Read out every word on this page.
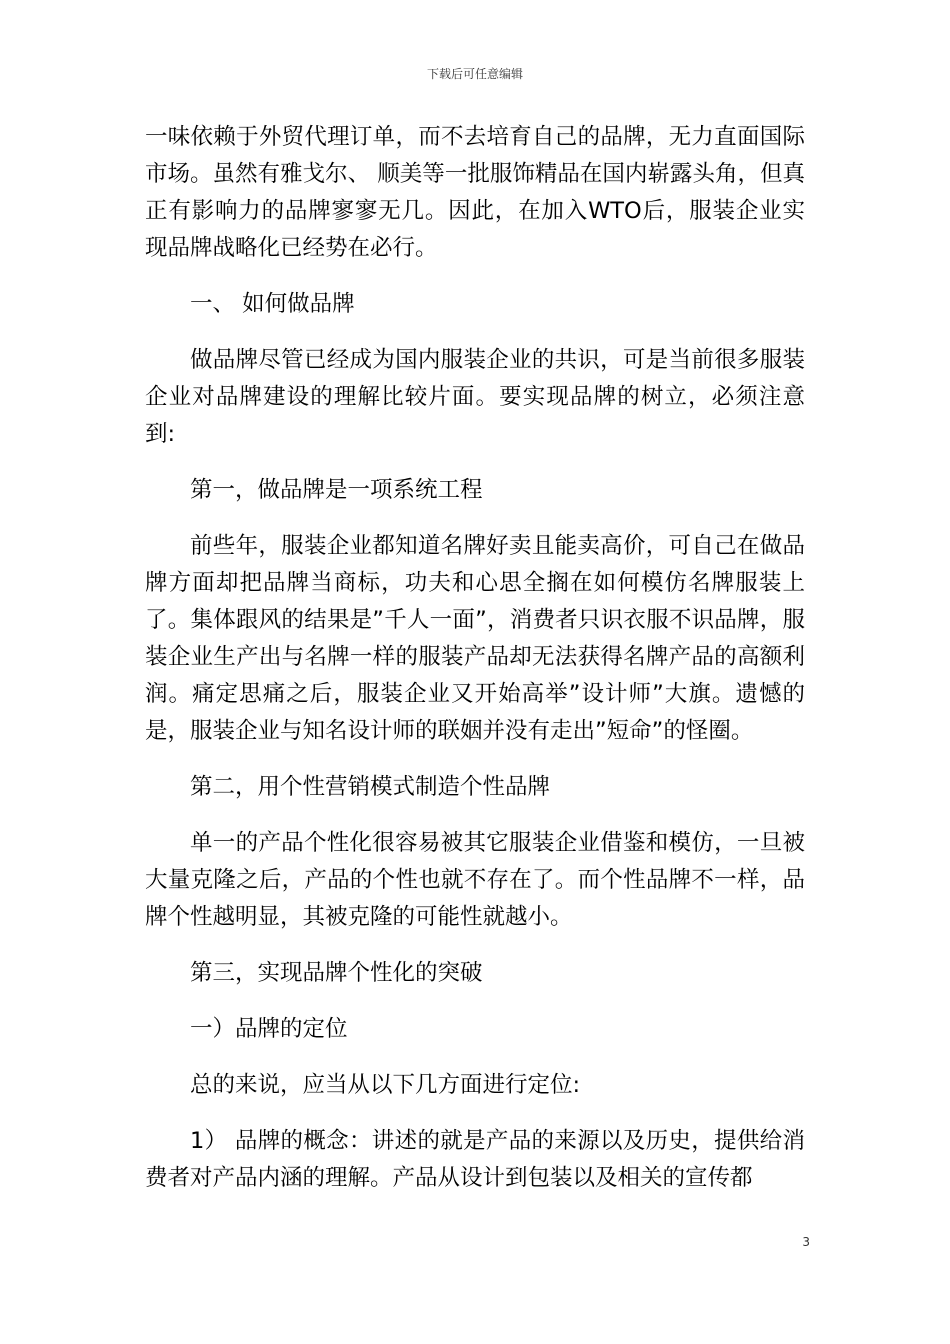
下载后可任意编辑

一味依赖于外贸代理订单，而不去培育自己的品牌，无力直面国际市场。虽然有雅戈尔、 顺美等一批服饰精品在国内崭露头角，但真正有影响力的品牌寥寥无几。因此，在加入WTO后，服装企业实现品牌战略化已经势在必行。

一、 如何做品牌

做品牌尽管已经成为国内服装企业的共识，可是当前很多服装企业对品牌建设的理解比较片面。要实现品牌的树立，必须注意到:

第一，做品牌是一项系统工程

前些年，服装企业都知道名牌好卖且能卖高价，可自己在做品牌方面却把品牌当商标，功夫和心思全搁在如何模仿名牌服装上了。集体跟风的结果是”千人一面”，消费者只识衣服不识品牌，服装企业生产出与名牌一样的服装产品却无法获得名牌产品的高额利润。痛定思痛之后，服装企业又开始高举”设计师”大旗。遗憾的是，服装企业与知名设计师的联姻并没有走出”短命”的怪圈。

第二，用个性营销模式制造个性品牌

单一的产品个性化很容易被其它服装企业借鉴和模仿，一旦被大量克隆之后，产品的个性也就不存在了。而个性品牌不一样，品牌个性越明显，其被克隆的可能性就越小。

第三，实现品牌个性化的突破

一）品牌的定位

总的来说，应当从以下几方面进行定位:

1） 品牌的概念：讲述的就是产品的来源以及历史，提供给消费者对产品内涵的理解。产品从设计到包装以及相关的宣传都

3
